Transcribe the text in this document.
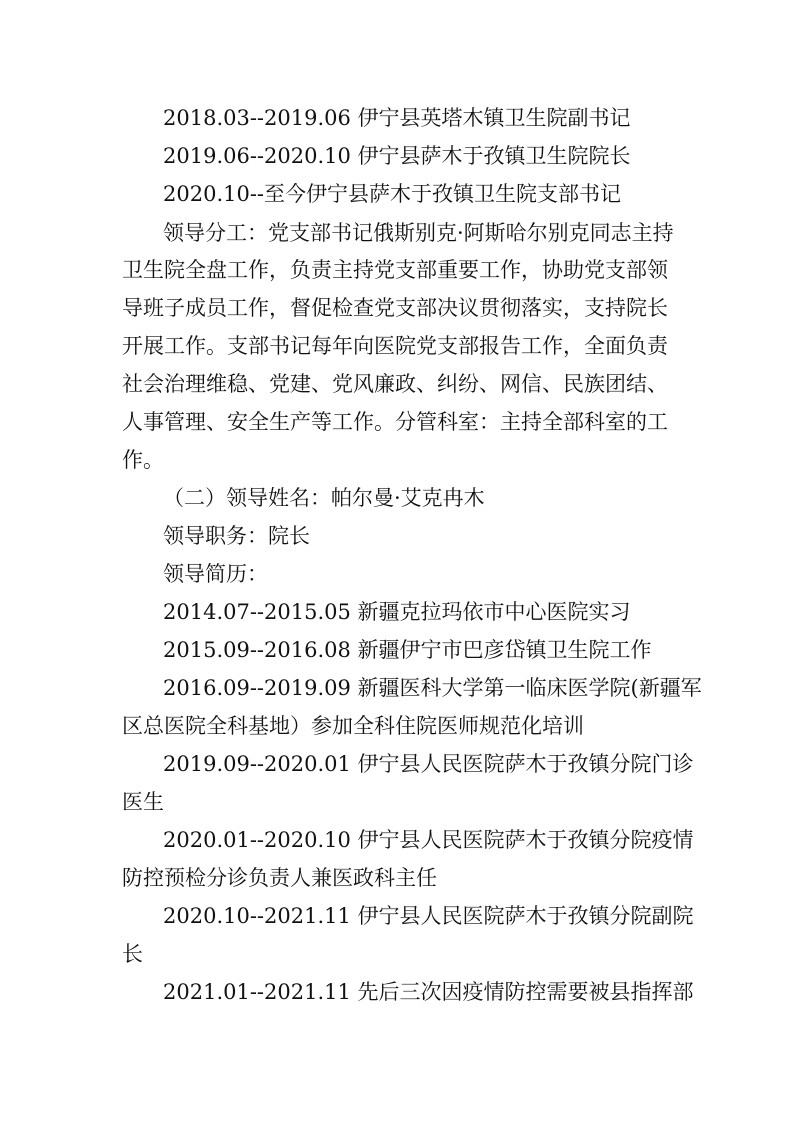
2018.03--2019.06 伊宁县英塔木镇卫生院副书记
2019.06--2020.10 伊宁县萨木于孜镇卫生院院长
2020.10--至今伊宁县萨木于孜镇卫生院支部书记
领导分工：党支部书记俄斯别克·阿斯哈尔别克同志主持
卫生院全盘工作，负责主持党支部重要工作，协助党支部领
导班子成员工作，督促检查党支部决议贯彻落实，支持院长
开展工作。支部书记每年向医院党支部报告工作，全面负责
社会治理维稳、党建、党风廉政、纠纷、网信、民族团结、
人事管理、安全生产等工作。分管科室：主持全部科室的工
作。
（二）领导姓名：帕尔曼·艾克冉木
领导职务：院长
领导简历：
2014.07--2015.05 新疆克拉玛依市中心医院实习
2015.09--2016.08 新疆伊宁市巴彦岱镇卫生院工作
2016.09--2019.09 新疆医科大学第一临床医学院(新疆军
区总医院全科基地）参加全科住院医师规范化培训
2019.09--2020.01 伊宁县人民医院萨木于孜镇分院门诊
医生
2020.01--2020.10 伊宁县人民医院萨木于孜镇分院疫情
防控预检分诊负责人兼医政科主任
2020.10--2021.11 伊宁县人民医院萨木于孜镇分院副院
长
2021.01--2021.11 先后三次因疫情防控需要被县指挥部
